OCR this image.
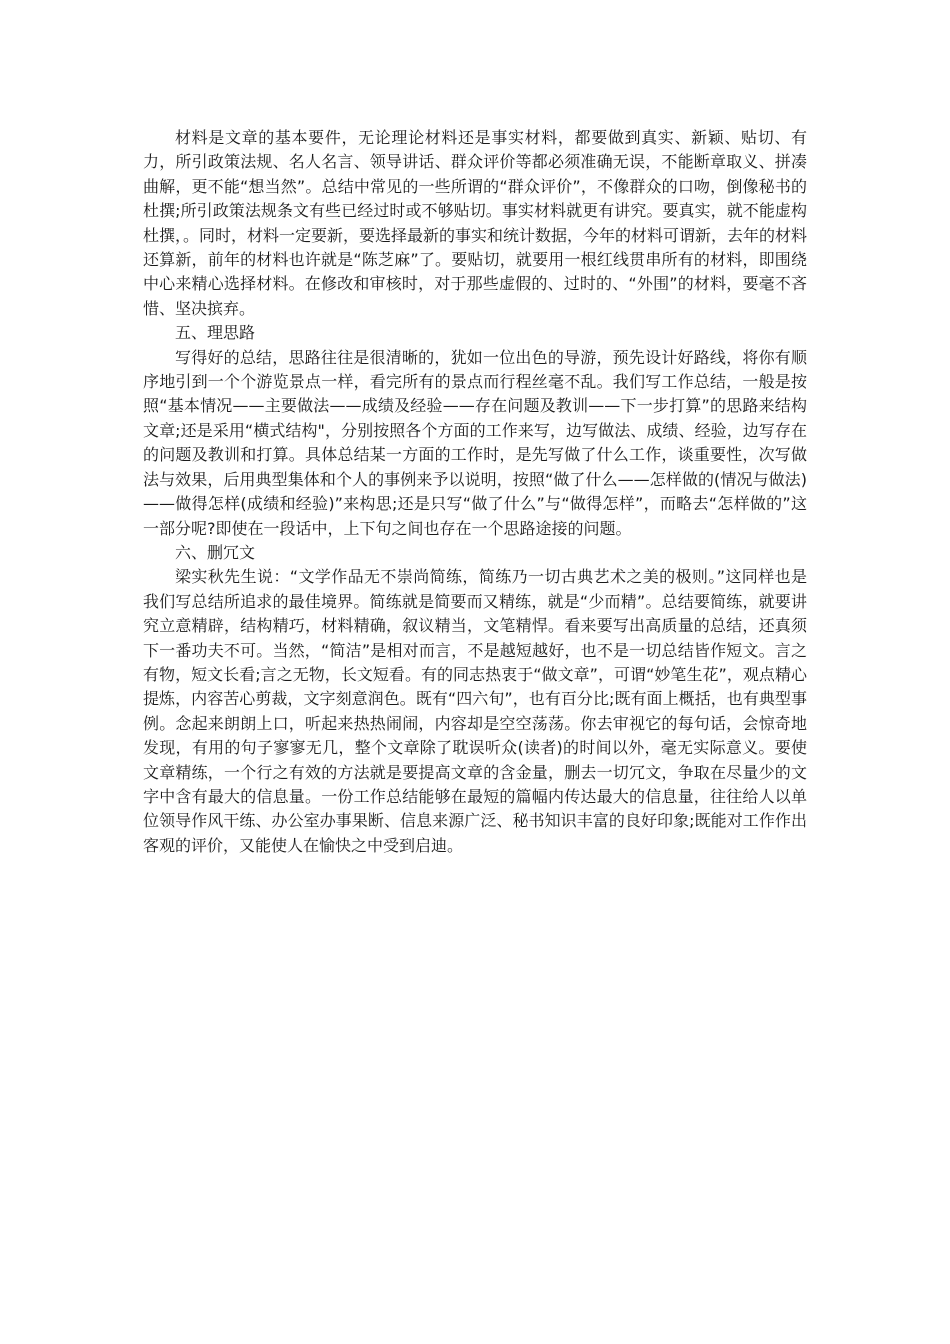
材料是文章的基本要件，无论理论材料还是事实材料，都要做到真实、新颖、贴切、有力，所引政策法规、名人名言、领导讲话、群众评价等都必须准确无误，不能断章取义、拼凑曲解，更不能“想当然”。总结中常见的一些所谓的“群众评价”，不像群众的口吻，倒像秘书的杜撰;所引政策法规条文有些已经过时或不够贴切。事实材料就更有讲究。要真实，就不能虚构杜撰，。同时，材料一定要新，要选择最新的事实和统计数据，今年的材料可谓新，去年的材料还算新，前年的材料也许就是“陈芝麻”了。要贴切，就要用一根红线贯串所有的材料，即围绕中心来精心选择材料。在修改和审核时，对于那些虚假的、过时的、“外围”的材料，要毫不吝惜、坚决摈弃。

五、理思路

写得好的总结，思路往往是很清晰的，犹如一位出色的导游，预先设计好路线，将你有顺序地引到一个个游览景点一样，看完所有的景点而行程丝毫不乱。我们写工作总结，一般是按照“基本情况——主要做法——成绩及经验——存在问题及教训——下一步打算”的思路来结构文章;还是采用“横式结构"，分别按照各个方面的工作来写，边写做法、成绩、经验，边写存在的问题及教训和打算。具体总结某一方面的工作时，是先写做了什么工作，谈重要性，次写做法与效果，后用典型集体和个人的事例来予以说明，按照“做了什么——怎样做的(情况与做法)——做得怎样(成绩和经验)”来构思;还是只写“做了什么”与“做得怎样”，而略去“怎样做的”这一部分呢?即使在一段话中，上下句之间也存在一个思路途接的问题。

六、删冗文

梁实秋先生说：“文学作品无不崇尚简练，简练乃一切古典艺术之美的极则。”这同样也是我们写总结所追求的最佳境界。简练就是简要而又精练，就是“少而精”。总结要简练，就要讲究立意精辟，结构精巧，材料精确，叙议精当，文笔精悍。看来要写出高质量的总结，还真须下一番功夫不可。当然，“简洁”是相对而言，不是越短越好，也不是一切总结皆作短文。言之有物，短文长看;言之无物，长文短看。有的同志热衷于“做文章”，可谓“妙笔生花”，观点精心提炼，内容苦心剪裁，文字刻意润色。既有“四六旬”，也有百分比;既有面上概括，也有典型事例。念起来朗朗上口，听起来热热闹闹，内容却是空空荡荡。你去审视它的每句话，会惊奇地发现，有用的句子寥寥无几，整个文章除了耽误听众(读者)的时间以外，毫无实际意义。要使文章精练，一个行之有效的方法就是要提高文章的含金量，删去一切冗文，争取在尽量少的文字中含有最大的信息量。一份工作总结能够在最短的篇幅内传达最大的信息量，往往给人以单位领导作风干练、办公室办事果断、信息来源广泛、秘书知识丰富的良好印象;既能对工作作出客观的评价，又能使人在愉快之中受到启迪。
